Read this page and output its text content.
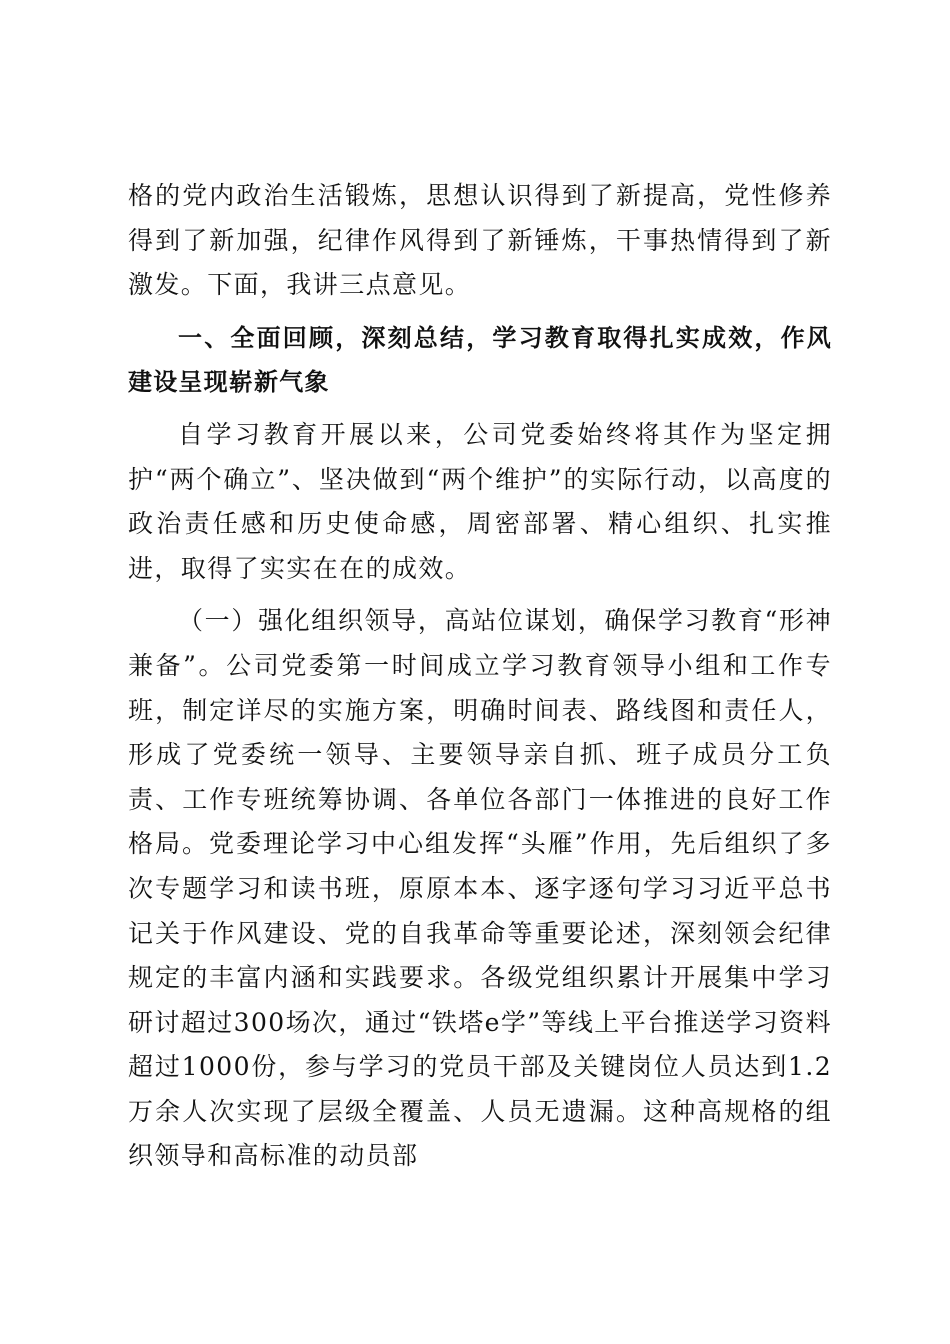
格的党内政治生活锻炼，思想认识得到了新提高，党性修养得到了新加强，纪律作风得到了新锤炼，干事热情得到了新激发。下面，我讲三点意见。

一、全面回顾，深刻总结，学习教育取得扎实成效，作风建设呈现崭新气象

自学习教育开展以来，公司党委始终将其作为坚定拥护“两个确立”、坚决做到“两个维护”的实际行动，以高度的政治责任感和历史使命感，周密部署、精心组织、扎实推进，取得了实实在在的成效。

（一）强化组织领导，高站位谋划，确保学习教育“形神兼备”。公司党委第一时间成立学习教育领导小组和工作专班，制定详尽的实施方案，明确时间表、路线图和责任人，形成了党委统一领导、主要领导亲自抓、班子成员分工负责、工作专班统筹协调、各单位各部门一体推进的良好工作格局。党委理论学习中心组发挥“头雁”作用，先后组织了多次专题学习和读书班，原原本本、逐字逐句学习习近平总书记关于作风建设、党的自我革命等重要论述，深刻领会纪律规定的丰富内涵和实践要求。各级党组织累计开展集中学习研讨超过300场次，通过“铁塔e学”等线上平台推送学习资料超过1000份，参与学习的党员干部及关键岗位人员达到1.2万余人次实现了层级全覆盖、人员无遗漏。这种高规格的组织领导和高标准的动员部
